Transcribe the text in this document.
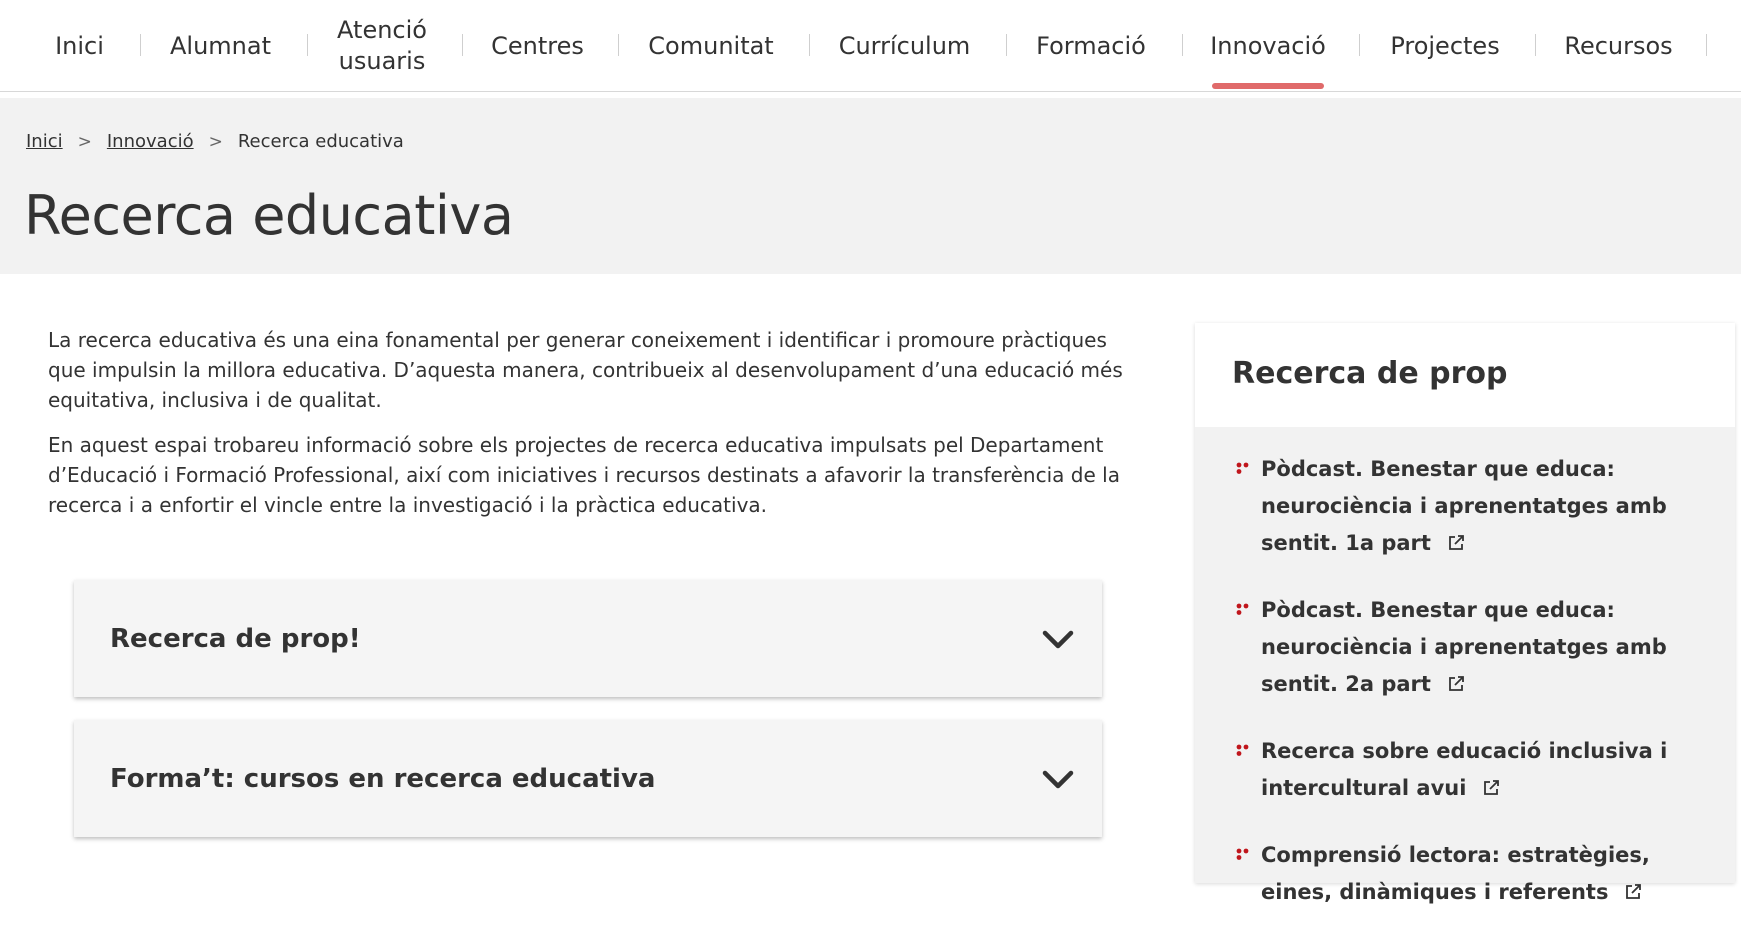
Inici	Alumnat
Atenció usuaris
Centres	Comunitat	Currículum	Formació	Innovació	Projectes	Recursos
Inici > Innovació > Recerca educativa
Recerca educativa

La recerca educativa és una eina fonamental per generar coneixement i identificar i promoure pràctiques que impulsin la millora educativa. D’aquesta manera, contribueix al desenvolupament d’una educació més equitativa, inclusiva i de qualitat.

En aquest espai trobareu informació sobre els projectes de recerca educativa impulsats pel Departament d’Educació i Formació Professional, així com iniciatives i recursos destinats a afavorir la transferència de la recerca i a enfortir el vincle entre la investigació i la pràctica educativa.

Recerca de prop!
Forma’t: cursos en recerca educativa
Recerca de prop
Pòdcast. Benestar que educa: neurociència i aprenentatges amb sentit. 1a part
Pòdcast. Benestar que educa: neurociència i aprenentatges amb sentit. 2a part
Recerca sobre educació inclusiva i intercultural avui
Comprensió lectora: estratègies, eines, dinàmiques i referents
